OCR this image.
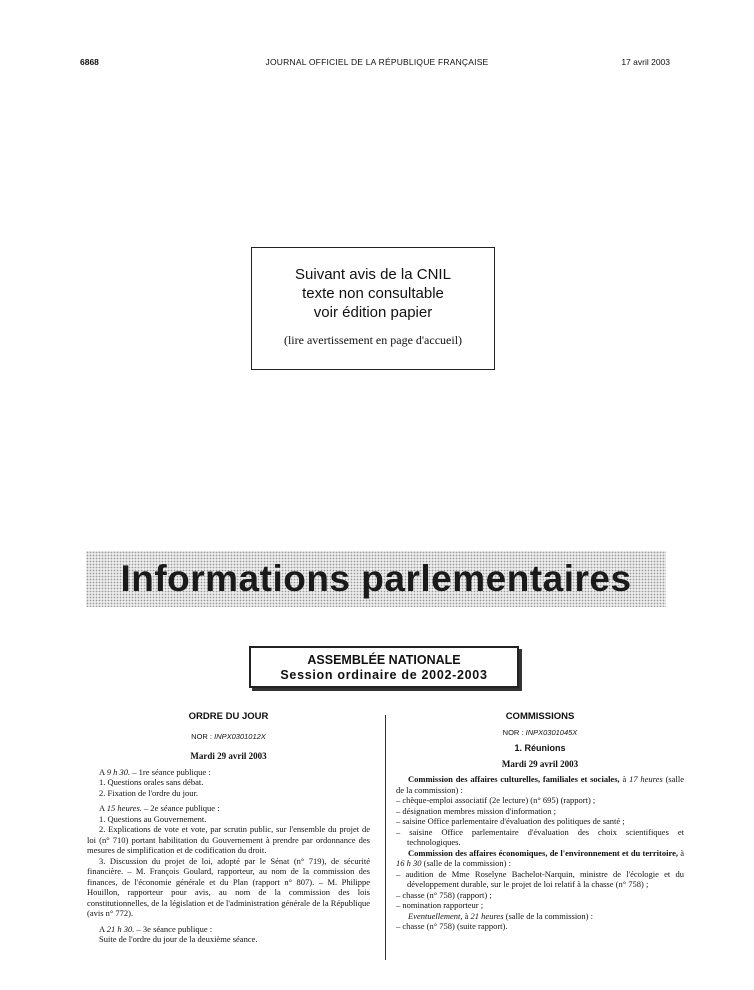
6868	JOURNAL OFFICIEL DE LA RÉPUBLIQUE FRANÇAISE	17 avril 2003
Suivant avis de la CNIL
texte non consultable
voir édition papier
(lire avertissement en page d'accueil)
Informations parlementaires
ASSEMBLÉE NATIONALE
Session ordinaire de 2002-2003

ORDRE DU JOUR

NOR : INPX0301012X

Mardi 29 avril 2003

A 9 h 30. – 1re séance publique :

1. Questions orales sans débat.

2. Fixation de l'ordre du jour.

A 15 heures. – 2e séance publique :

1. Questions au Gouvernement.

2. Explications de vote et vote, par scrutin public, sur l'ensemble du projet de loi (n° 710) portant habilitation du Gouvernement à prendre par ordonnance des mesures de simplification et de codification du droit.

3. Discussion du projet de loi, adopté par le Sénat (n° 719), de sécurité financière. – M. François Goulard, rapporteur, au nom de la commission des finances, de l'économie générale et du Plan (rapport n° 807). – M. Philippe Houillon, rapporteur pour avis, au nom de la commission des lois constitutionnelles, de la législation et de l'administration générale de la République (avis n° 772).

A 21 h 30. – 3e séance publique :

Suite de l'ordre du jour de la deuxième séance.

COMMISSIONS

NOR : INPX0301045X

1. Réunions

Mardi 29 avril 2003

Commission des affaires culturelles, familiales et sociales, à 17 heures (salle de la commission) :

– chèque-emploi associatif (2e lecture) (n° 695) (rapport) ;

– désignation membres mission d'information ;

– saisine Office parlementaire d'évaluation des politiques de santé ;

– saisine Office parlementaire d'évaluation des choix scientifiques et technologiques.

Commission des affaires économiques, de l'environnement et du territoire, à 16 h 30 (salle de la commission) :

– audition de Mme Roselyne Bachelot-Narquin, ministre de l'écologie et du développement durable, sur le projet de loi relatif à la chasse (n° 758) ;

– chasse (n° 758) (rapport) ;

– nomination rapporteur ;

Eventuellement, à 21 heures (salle de la commission) :

– chasse (n° 758) (suite rapport).
